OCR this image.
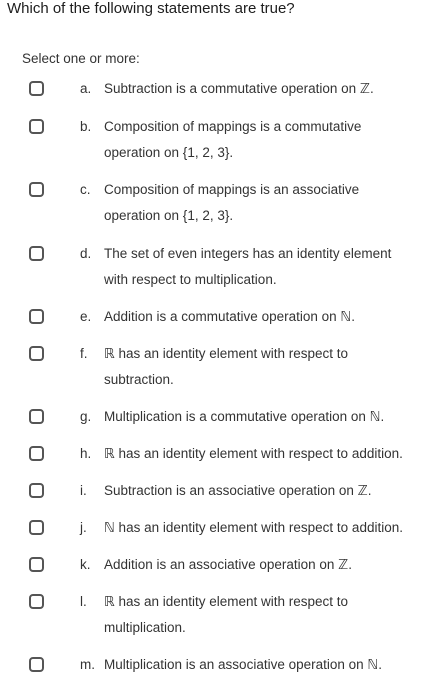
Which of the following statements are true?
Select one or more:
a. Subtraction is a commutative operation on ℤ.
b. Composition of mappings is a commutative
operation on {1, 2, 3}.
c. Composition of mappings is an associative
operation on {1, 2, 3}.
d. The set of even integers has an identity element
with respect to multiplication.
e. Addition is a commutative operation on ℕ.
f. ℝ has an identity element with respect to
subtraction.
g. Multiplication is a commutative operation on ℕ.
h. ℝ has an identity element with respect to addition.
i. Subtraction is an associative operation on ℤ.
j. ℕ has an identity element with respect to addition.
k. Addition is an associative operation on ℤ.
l. ℝ has an identity element with respect to
multiplication.
m. Multiplication is an associative operation on ℕ.
